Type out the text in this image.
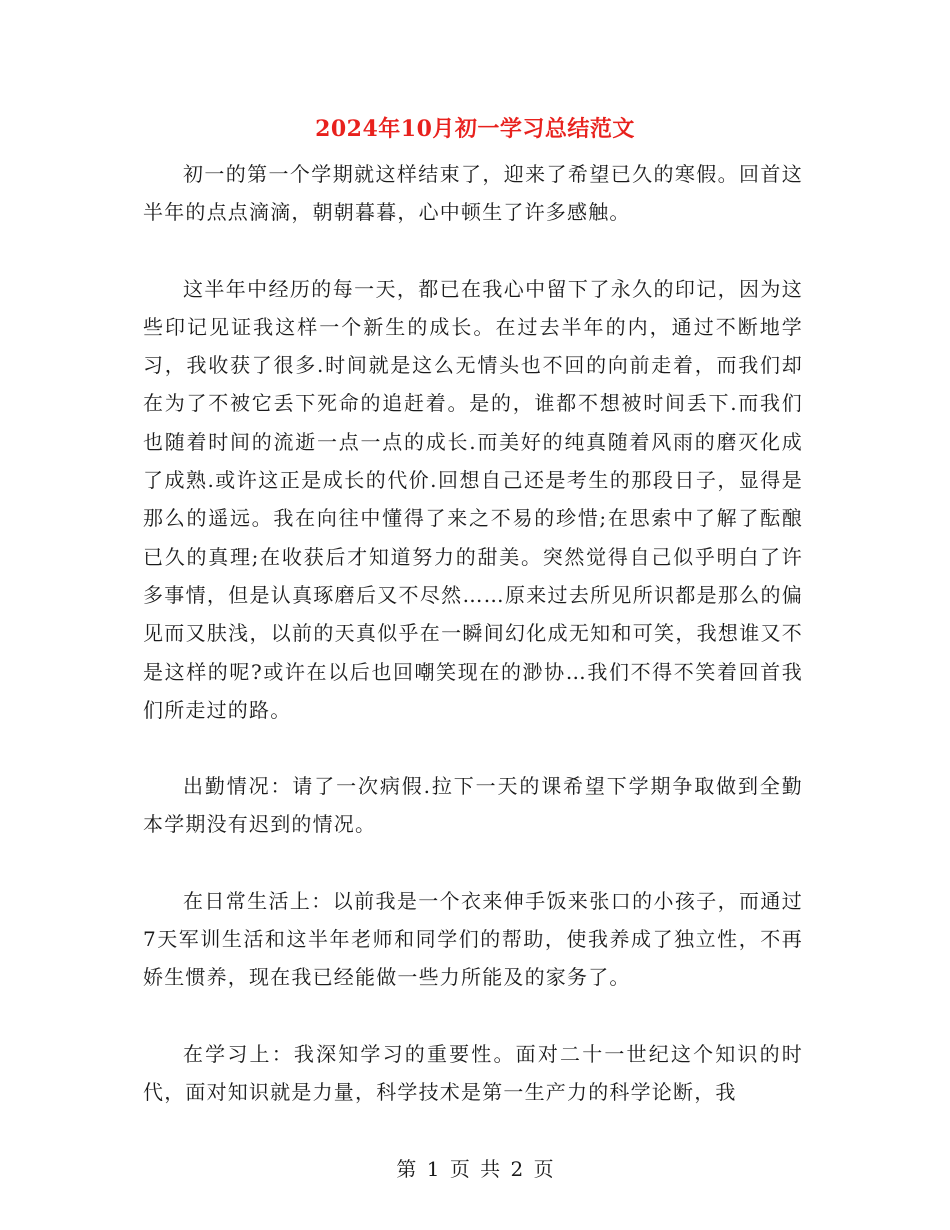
2024年10月初一学习总结范文

初一的第一个学期就这样结束了，迎来了希望已久的寒假。回首这半年的点点滴滴，朝朝暮暮，心中顿生了许多感触。

这半年中经历的每一天，都已在我心中留下了永久的印记，因为这些印记见证我这样一个新生的成长。在过去半年的内，通过不断地学习，我收获了很多.时间就是这么无情头也不回的向前走着，而我们却在为了不被它丢下死命的追赶着。是的，谁都不想被时间丢下.而我们也随着时间的流逝一点一点的成长.而美好的纯真随着风雨的磨灭化成了成熟.或许这正是成长的代价.回想自己还是考生的那段日子，显得是那么的遥远。我在向往中懂得了来之不易的珍惜;在思索中了解了酝酿已久的真理;在收获后才知道努力的甜美。突然觉得自己似乎明白了许多事情，但是认真琢磨后又不尽然……原来过去所见所识都是那么的偏见而又肤浅，以前的天真似乎在一瞬间幻化成无知和可笑，我想谁又不是这样的呢?或许在以后也回嘲笑现在的渺协…我们不得不笑着回首我们所走过的路。

出勤情况：请了一次病假.拉下一天的课希望下学期争取做到全勤本学期没有迟到的情况。

在日常生活上：以前我是一个衣来伸手饭来张口的小孩子，而通过7天军训生活和这半年老师和同学们的帮助，使我养成了独立性，不再娇生惯养，现在我已经能做一些力所能及的家务了。

在学习上：我深知学习的重要性。面对二十一世纪这个知识的时代，面对知识就是力量，科学技术是第一生产力的科学论断，我

第 1 页 共 2 页
